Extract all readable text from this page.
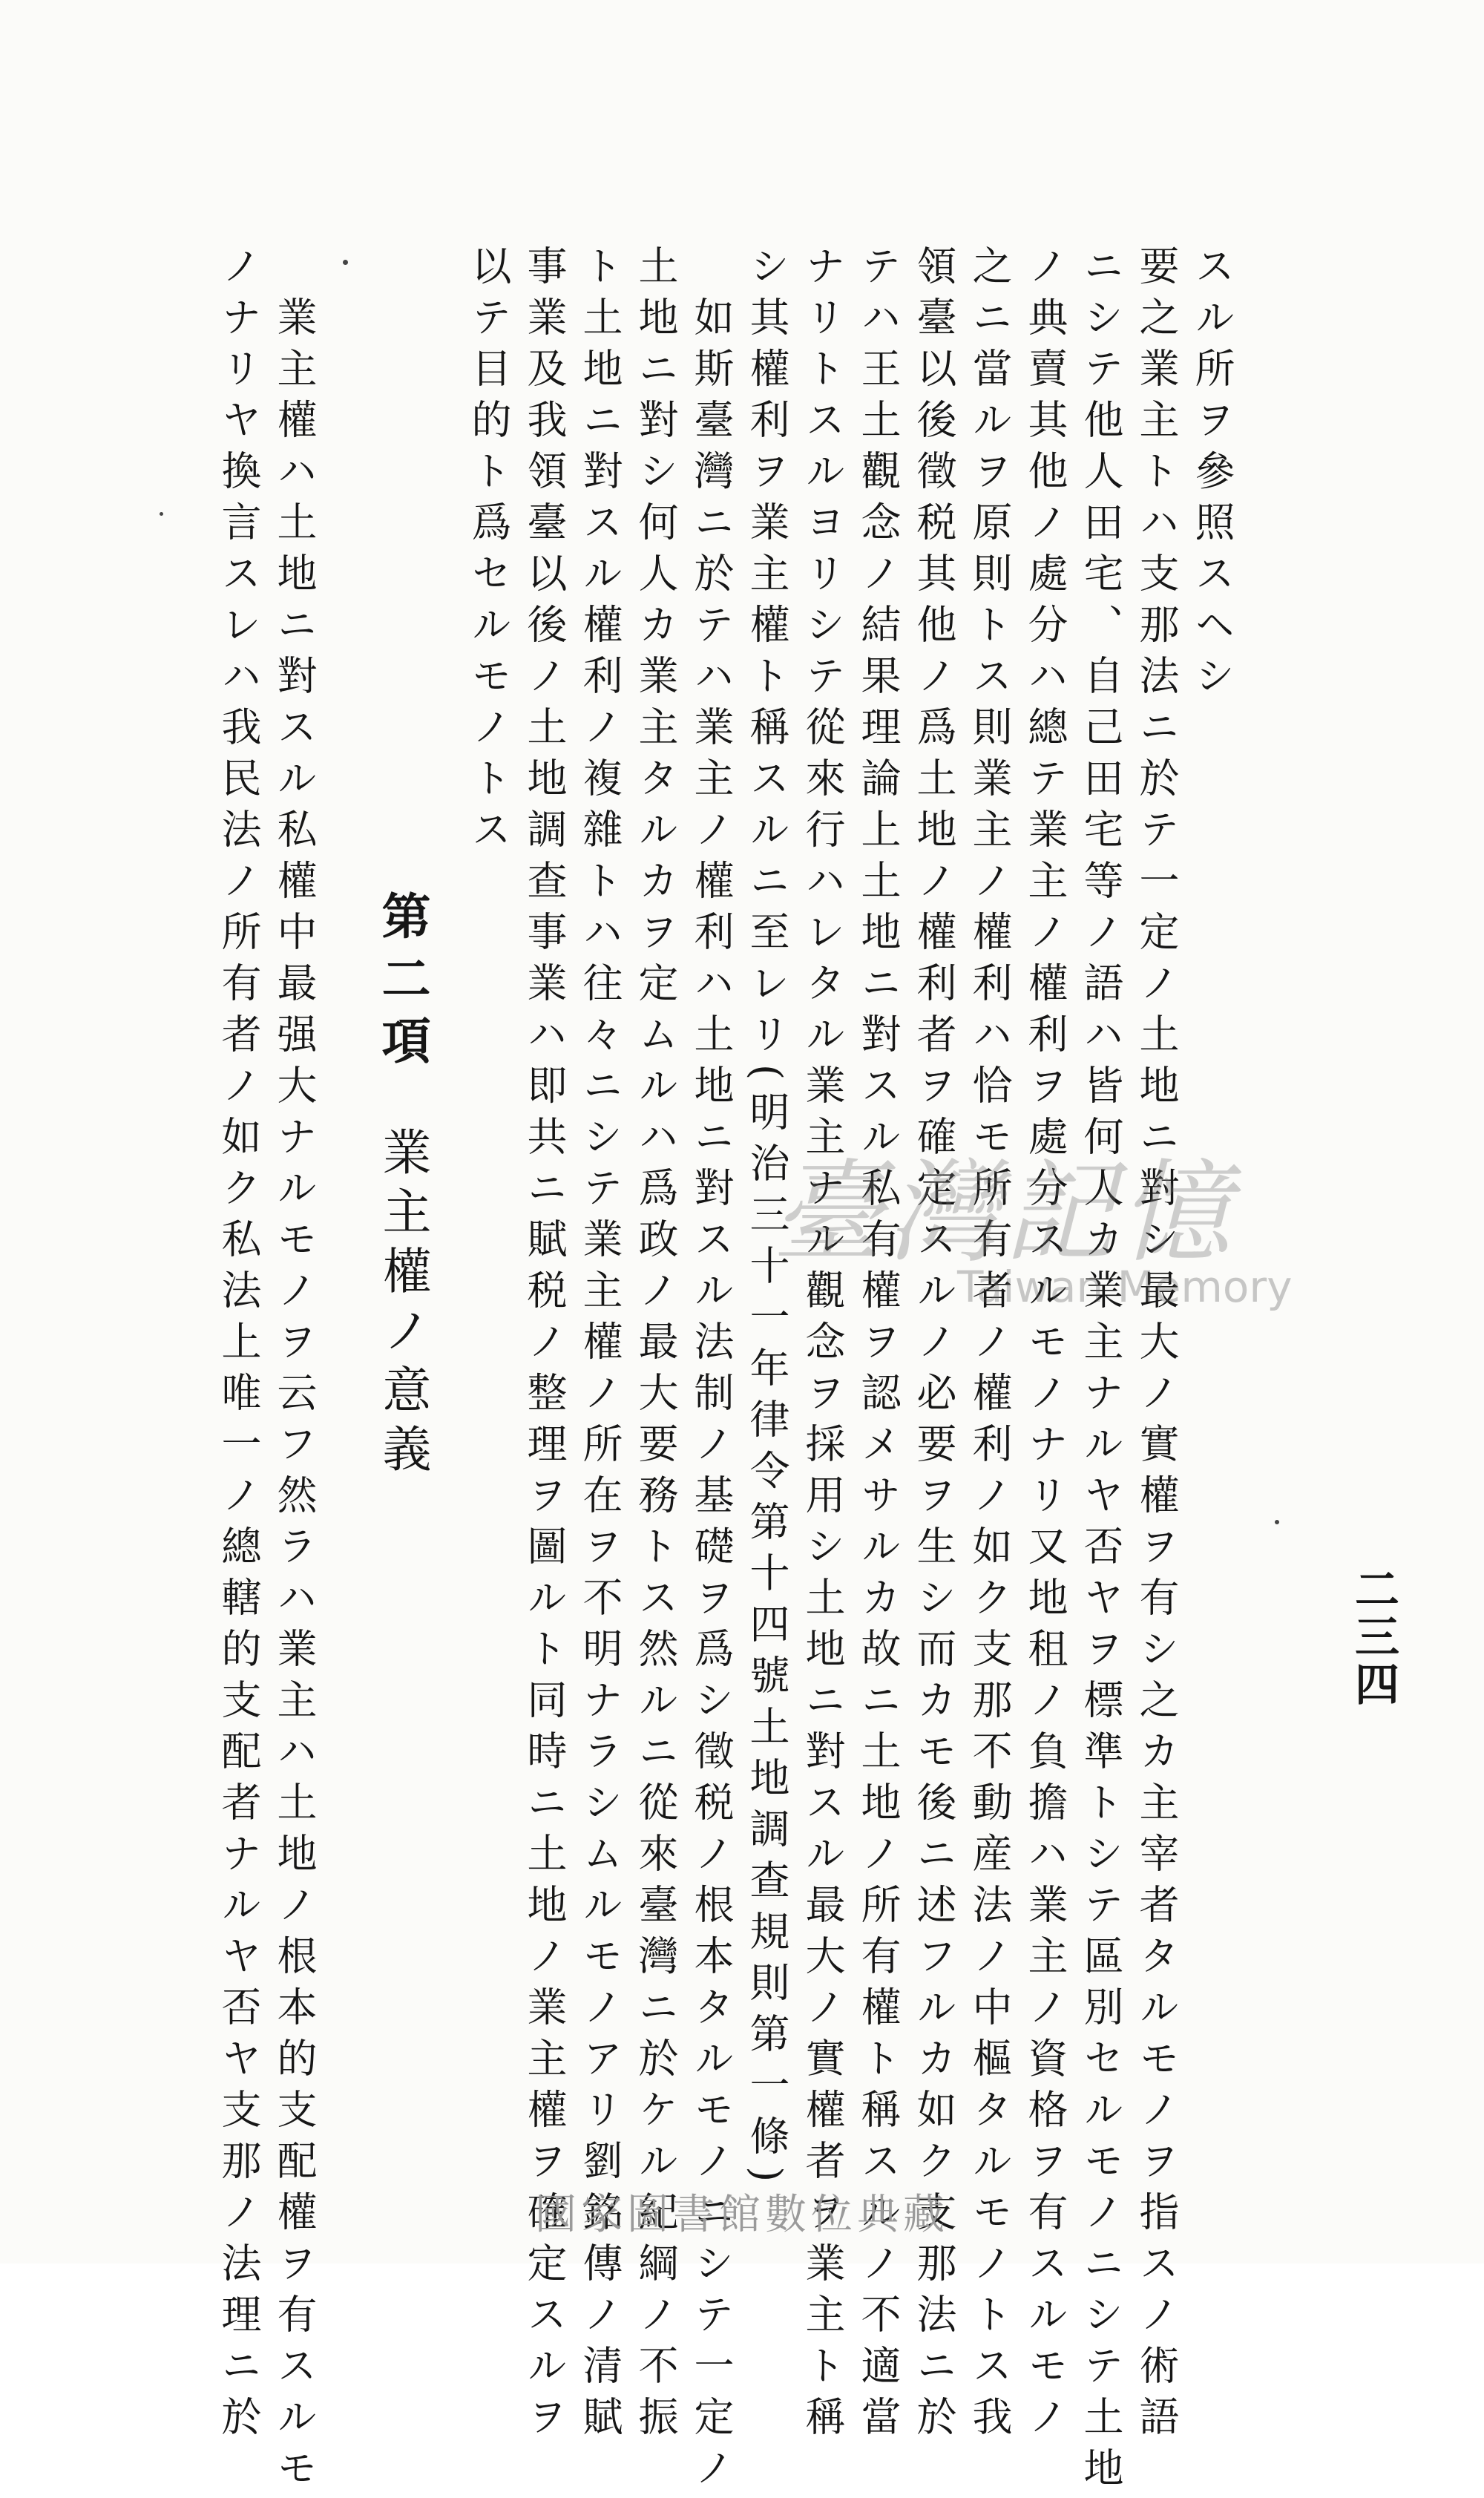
二三四
スル所ヲ參照スヘシ
要之業主トハ支那法ニ於テ一定ノ土地ニ對シ最大ノ實權ヲ有シ之カ主宰者タルモノヲ指スノ術語
ニシテ他人田宅、自己田宅等ノ語ハ皆何人カ業主ナルヤ否ヤヲ標準トシテ區別セルモノニシテ土地
ノ典賣其他ノ處分ハ總テ業主ノ權利ヲ處分スルモノナリ又地租ノ負擔ハ業主ノ資格ヲ有スルモノ
之ニ當ルヲ原則トス則業主ノ權利ハ恰モ所有者ノ權利ノ如ク支那不動産法ノ中樞タルモノトス我
領臺以後徵税其他ノ爲土地ノ權利者ヲ確定スルノ必要ヲ生シ而カモ後ニ述フルカ如ク支那法ニ於
テハ王土觀念ノ結果理論上土地ニ對スル私有權ヲ認メサルカ故ニ土地ノ所有權ト稱スルノ不適當
ナリトスルヨリシテ從來行ハレタル業主ナル觀念ヲ採用シ土地ニ對スル最大ノ實權者ヲ業主ト稱
シ其權利ヲ業主權ト稱スルニ至レリ(明治三十一年律令第十四號土地調查規則第一條)
如斯臺灣ニ於テハ業主ノ權利ハ土地ニ對スル法制ノ基礎ヲ爲シ徵税ノ根本タルモノニシテ一定ノ
土地ニ對シ何人カ業主タルカヲ定ムルハ爲政ノ最大要務トス然ルニ從來臺灣ニ於ケル紀綱ノ不振
ト土地ニ對スル權利ノ複雜トハ往々ニシテ業主權ノ所在ヲ不明ナラシムルモノアリ劉銘傳ノ清賦
事業及我領臺以後ノ土地調查事業ハ即共ニ賦税ノ整理ヲ圖ルト同時ニ土地ノ業主權ヲ確定スルヲ
以テ目的ト爲セルモノトス
第二項業主權ノ意義
業主權ハ土地ニ對スル私權中最强大ナルモノヲ云フ然ラハ業主ハ土地ノ根本的支配權ヲ有スルモ
ノナリヤ換言スレハ我民法ノ所有者ノ如ク私法上唯一ノ總轄的支配者ナルヤ否ヤ支那ノ法理ニ於	臺灣記憶
Taiwan Memory
國家圖書館數位典藏
